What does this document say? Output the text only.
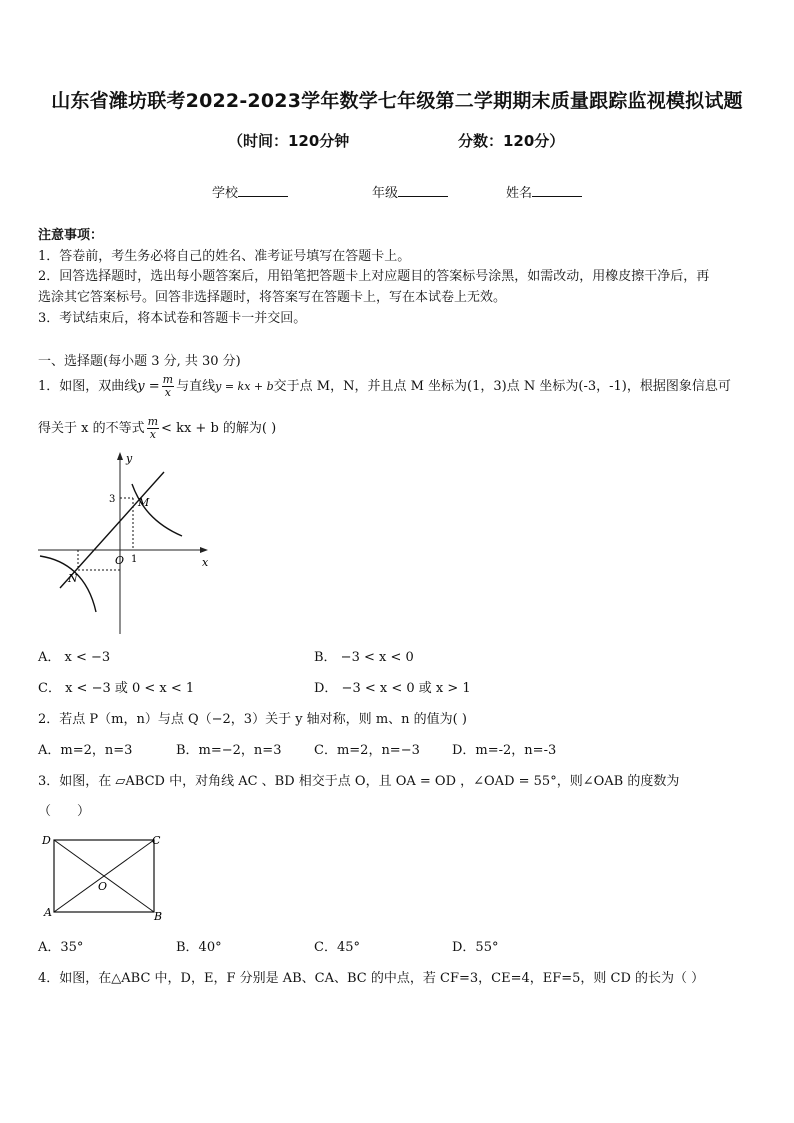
山东省潍坊联考2022-2023学年数学七年级第二学期期末质量跟踪监视模拟试题
（时间：120分钟	分数：120分）
学校	年级	姓名
注意事项：
1．答卷前，考生务必将自己的姓名、准考证号填写在答题卡上。
2．回答选择题时，选出每小题答案后，用铅笔把答题卡上对应题目的答案标号涂黑，如需改动，用橡皮擦干净后，再
选涂其它答案标号。回答非选择题时，将答案写在答题卡上，写在本试卷上无效。
3．考试结束后，将本试卷和答题卡一并交回。
一、选择题(每小题 3 分, 共 30 分)
1．如图，双曲线$y = \frac{m}{x}$ 与直线y = kx + b交于点 M，N，并且点 M 坐标为(1，3)点 N 坐标为(-3，-1)，根据图象信息可
得关于 x 的不等式 $\frac{m}{x}$ < kx + b 的解为( )
y
x
3
1
O
M
N
A． x < −3	B． −3 < x < 0
C． x < −3 或 0 < x < 1	D． −3 < x < 0 或 x > 1
2．若点 P（m，n）与点 Q（−2，3）关于 y 轴对称，则 m、n 的值为( )
A．m=2，n=3	B．m=−2，n=3	C．m=2，n=−3 D．m=-2，n=-3
3．如图，在 ▱ABCD 中，对角线 AC 、BD 相交于点 O，且 OA = OD ，∠OAD = 55°，则∠OAB 的度数为
（　　）
D	C
A	B
O
A．35°	B．40°	C．45°	D．55°
4．如图，在△ABC 中，D，E，F 分别是 AB、CA、BC 的中点，若 CF=3，CE=4，EF=5，则 CD 的长为（ ）
